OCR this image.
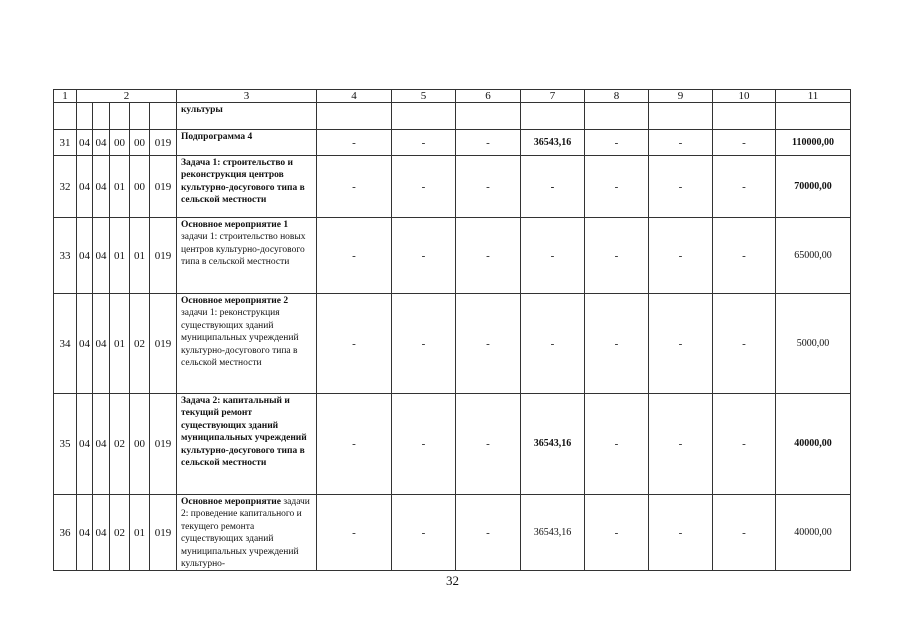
1	2					3	4	5	6	7	8	9	10	11
						культуры								
31	04	04	00	00	019	Подпрограмма 4	-	-	-	36543,16	-	-	-	110000,00
32	04	04	01	00	019	Задача 1: строительство и реконструкция центров культурно-досугового типа в сельской местности	-	-	-	-	-	-	-	70000,00
33	04	04	01	01	019	Основное мероприятие 1 задачи 1: строительство новых центров культурно-досугового типа в сельской местности	-	-	-	-	-	-	-	65000,00
34	04	04	01	02	019	Основное мероприятие 2 задачи 1: реконструкция существующих зданий муниципальных учреждений культурно-досугового типа в сельской местности	-	-	-	-	-	-	-	5000,00
35	04	04	02	00	019	Задача 2: капитальный и текущий ремонт существующих зданий муниципальных учреждений культурно-досугового типа в сельской местности	-	-	-	36543,16	-	-	-	40000,00
36	04	04	02	01	019	Основное мероприятие задачи 2: проведение капитального и текущего ремонта существующих зданий муниципальных учреждений культурно-	-	-	-	36543,16	-	-	-	40000,00
32
